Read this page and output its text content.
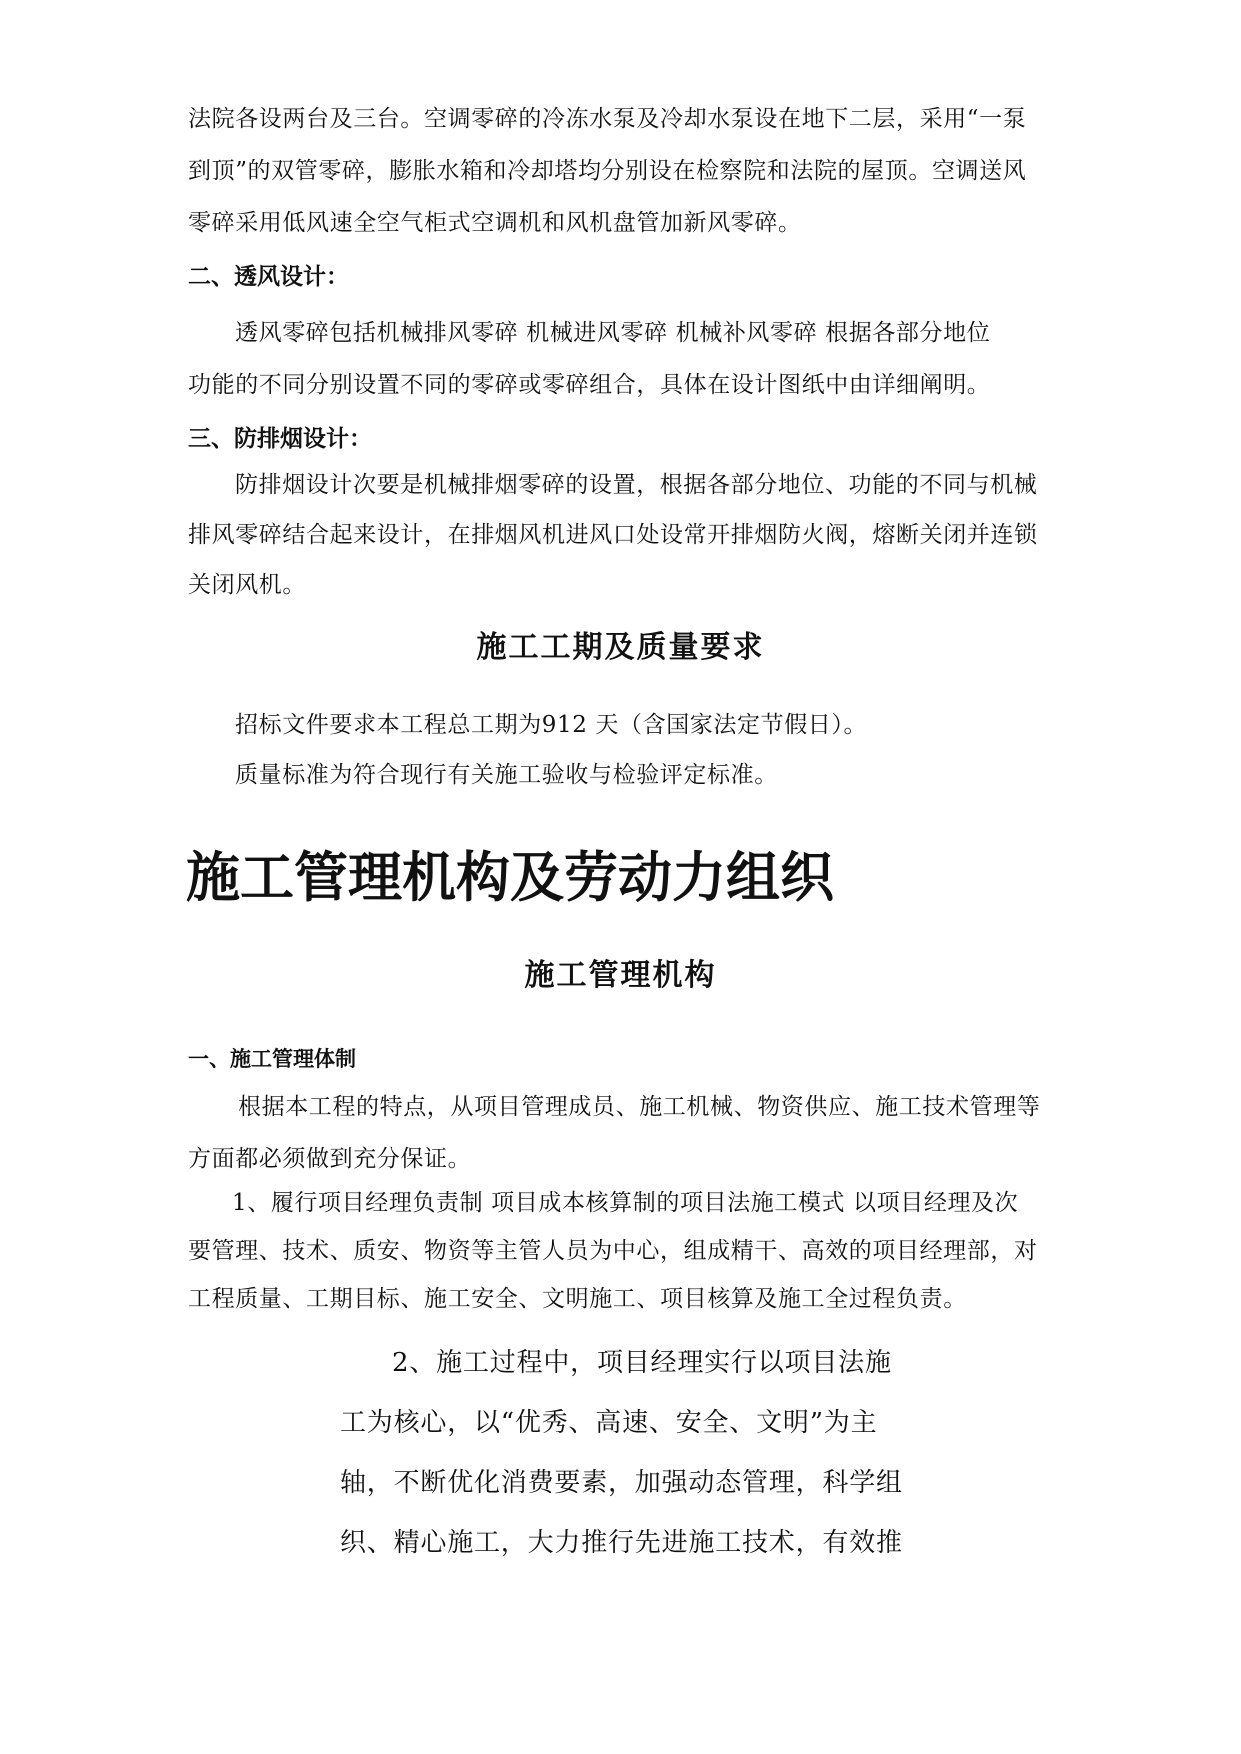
法院各设两台及三台。空调零碎的冷冻水泵及冷却水泵设在地下二层，采用“一泵
到顶”的双管零碎，膨胀水箱和冷却塔均分别设在检察院和法院的屋顶。空调送风
零碎采用低风速全空气柜式空调机和风机盘管加新风零碎。
二、透风设计：
透风零碎包括机械排风零碎 机械进风零碎 机械补风零碎 根据各部分地位
功能的不同分别设置不同的零碎或零碎组合，具体在设计图纸中由详细阐明。
三、防排烟设计：
防排烟设计次要是机械排烟零碎的设置，根据各部分地位、功能的不同与机械
排风零碎结合起来设计，在排烟风机进风口处设常开排烟防火阀，熔断关闭并连锁
关闭风机。
施工工期及质量要求
招标文件要求本工程总工期为912 天（含国家法定节假日）。
质量标准为符合现行有关施工验收与检验评定标准。
施工管理机构及劳动力组织
施工管理机构
一、施工管理体制
根据本工程的特点，从项目管理成员、施工机械、物资供应、施工技术管理等
方面都必须做到充分保证。
1、履行项目经理负责制 项目成本核算制的项目法施工模式 以项目经理及次
要管理、技术、质安、物资等主管人员为中心，组成精干、高效的项目经理部，对
工程质量、工期目标、施工安全、文明施工、项目核算及施工全过程负责。
2、施工过程中，项目经理实行以项目法施
工为核心，以“优秀、高速、安全、文明”为主
轴，不断优化消费要素，加强动态管理，科学组
织、精心施工，大力推行先进施工技术，有效推
